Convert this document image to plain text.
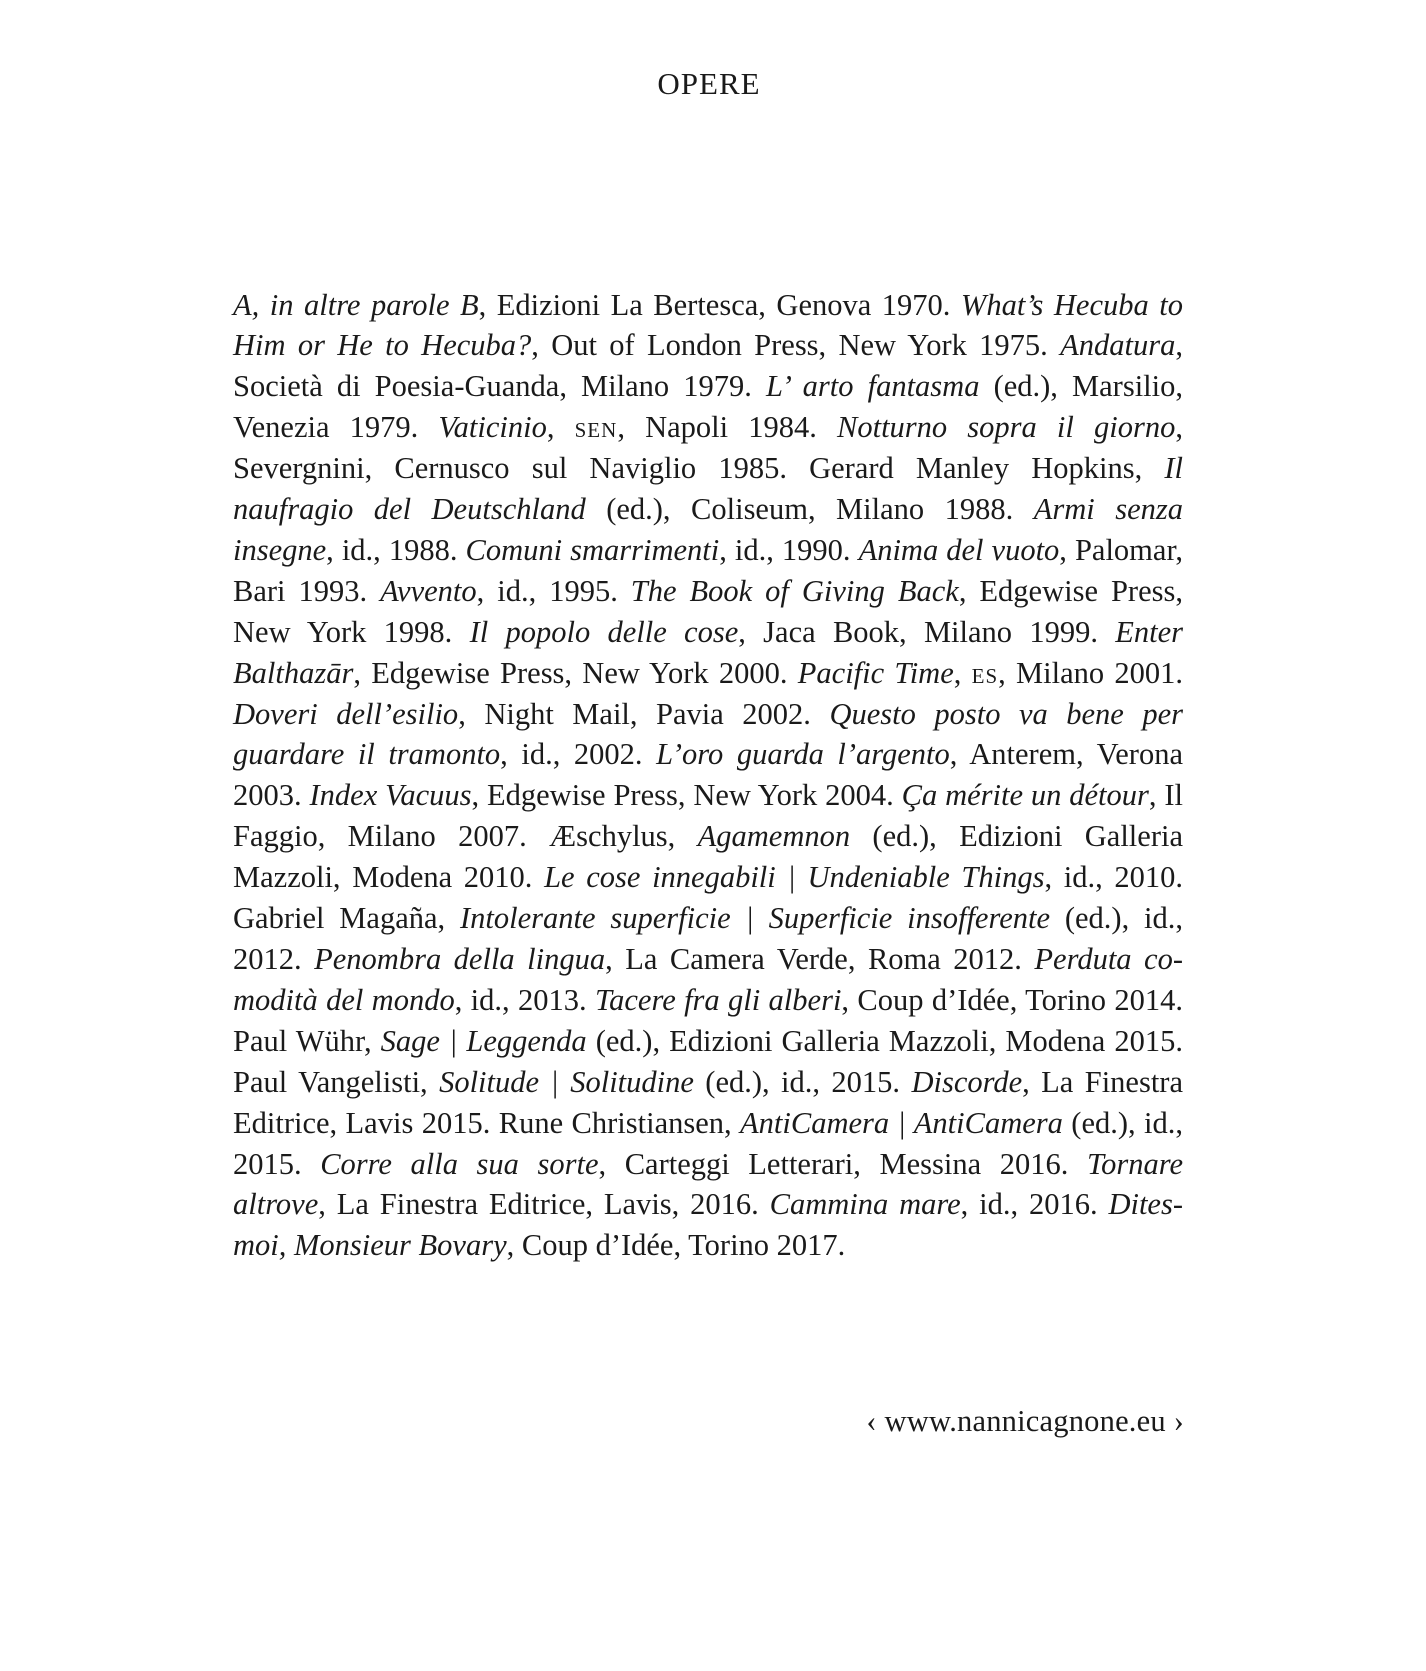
OPERE

A, in altre parole B, Edizioni La Bertesca, Genova 1970. What’s Hecuba to Him or He to Hecuba?, Out of London Press, New York 1975. Andatura, Società di Poesia-Guanda, Milano 1979. L’ arto fantasma (ed.), Marsilio, Venezia 1979. Vaticinio, sen, Napoli 1984. Notturno sopra il giorno, Severgnini, Cernusco sul Naviglio 1985. Gerard Manley Hopkins, Il naufragio del Deutschland (ed.), Coliseum, Milano 1988. Armi senza insegne, id., 1988. Comuni smarrimenti, id., 1990. Anima del vuoto, Palomar, Bari 1993. Avvento, id., 1995. The Book of Giving Back, Edgewise Press, New York 1998. Il popolo delle cose, Jaca Book, Milano 1999. Enter Balthazār, Edgewise Press, New York 2000. Pacific Time, es, Milano 2001. Doveri dell’esilio, Night Mail, Pavia 2002. Questo posto va bene per guardare il tramonto, id., 2002. L’oro guarda l’argento, Anterem, Verona 2003. Index Vacuus, Edgewise Press, New York 2004. Ça mérite un détour, Il Faggio, Milano 2007. Æschylus, Agamemnon (ed.), Edizioni Galleria Mazzoli, Modena 2010. Le cose innegabili | Undeniable Things, id., 2010. Gabriel Magaña, Intolerante superficie | Superficie insofferente (ed.), id., 2012. Penombra della lingua, La Camera Verde, Roma 2012. Perduta comodità del mondo, id., 2013. Tacere fra gli alberi, Coup d’Idée, Torino 2014. Paul Wühr, Sage | Leggenda (ed.), Edizioni Galleria Mazzoli, Modena 2015. Paul Vangelisti, Solitude | Solitudine (ed.), id., 2015. Discorde, La Finestra Editrice, Lavis 2015. Rune Christiansen, AntiCamera | AntiCamera (ed.), id., 2015. Corre alla sua sorte, Carteggi Letterari, Messina 2016. Tornare altrove, La Finestra Editrice, Lavis, 2016. Cammina mare, id., 2016. Dites-moi, Monsieur Bovary, Coup d’Idée, Torino 2017.

‹ www.nannicagnone.eu ›
